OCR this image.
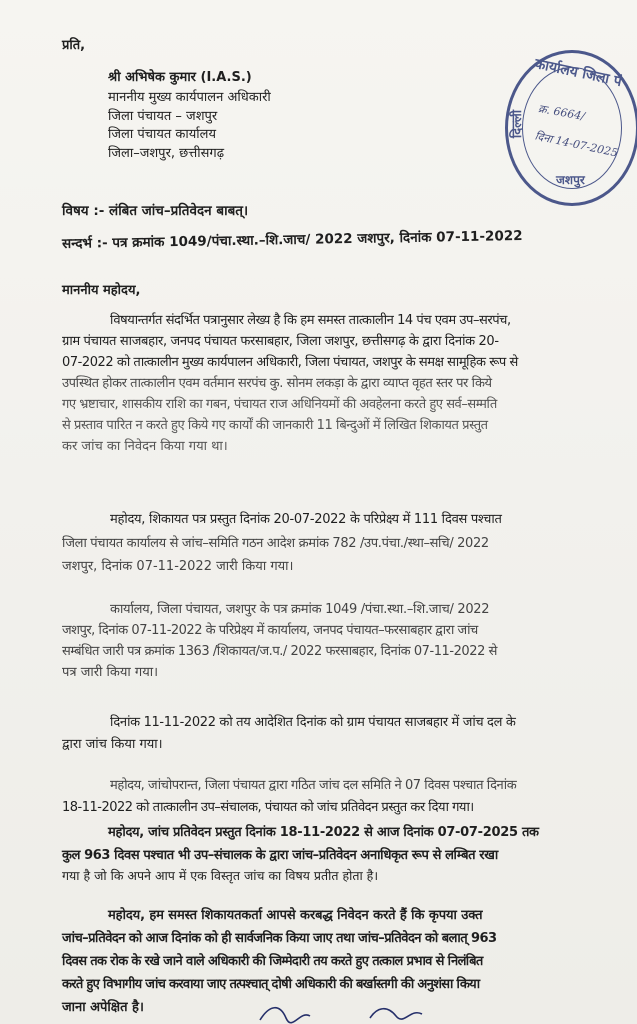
प्रति,
श्री अभिषेक कुमार (I.A.S.)
माननीय मुख्य कार्यपालन अधिकारी
जिला पंचायत – जशपुर
जिला पंचायत कार्यालय
जिला–जशपुर, छत्तीसगढ़
कार्यालय जिला पं
जशपुर
दिल्ली क्र. 6664/
दिना 14-07-2025
विषय :- लंबित जांच–प्रतिवेदन बाबत्।
सन्दर्भ :- पत्र क्रमांक 1049/पंचा.स्था.–शि.जाच/ 2022 जशपुर, दिनांक 07-11-2022
माननीय महोदय,
विषयान्तर्गत संदर्भित पत्रानुसार लेख्य है कि हम समस्त तात्कालीन 14 पंच एवम उप–सरपंच,
ग्राम पंचायत साजबहार, जनपद पंचायत फरसाबहार, जिला जशपुर, छत्तीसगढ़ के द्वारा दिनांक 20-
07-2022 को तात्कालीन मुख्य कार्यपालन अधिकारी, जिला पंचायत, जशपुर के समक्ष सामूहिक रूप से
उपस्थित होकर तात्कालीन एवम वर्तमान सरपंच कु. सोनम लकड़ा के द्वारा व्याप्त वृहत स्तर पर किये
गए भ्रष्टाचार, शासकीय राशि का गबन, पंचायत राज अधिनियमों की अवहेलना करते हुए सर्व–सम्मति
से प्रस्ताव पारित न करते हुए किये गए कार्यों की जानकारी 11 बिन्दुओं में लिखित शिकायत प्रस्तुत
कर जांच का निवेदन किया गया था।
महोदय, शिकायत पत्र प्रस्तुत दिनांक 20-07-2022 के परिप्रेक्ष्य में 111 दिवस पश्चात
जिला पंचायत कार्यालय से जांच–समिति गठन आदेश क्रमांक 782 /उप.पंचा./स्था–सचि/ 2022
जशपुर, दिनांक 07-11-2022 जारी किया गया।
कार्यालय, जिला पंचायत, जशपुर के पत्र क्रमांक 1049 /पंचा.स्था.–शि.जाच/ 2022
जशपुर, दिनांक 07-11-2022 के परिप्रेक्ष्य में कार्यालय, जनपद पंचायत–फरसाबहार द्वारा जांच
सम्बंधित जारी पत्र क्रमांक 1363 /शिकायत/ज.प./ 2022 फरसाबहार, दिनांक 07-11-2022 से
पत्र जारी किया गया।
दिनांक 11-11-2022 को तय आदेशित दिनांक को ग्राम पंचायत साजबहार में जांच दल के
द्वारा जांच किया गया।
महोदय, जांचोपरान्त, जिला पंचायत द्वारा गठित जांच दल समिति ने 07 दिवस पश्चात दिनांक
18-11-2022 को तात्कालीन उप–संचालक, पंचायत को जांच प्रतिवेदन प्रस्तुत कर दिया गया।
महोदय, जांच प्रतिवेदन प्रस्तुत दिनांक 18-11-2022 से आज दिनांक 07-07-2025 तक
कुल 963 दिवस पश्चात भी उप–संचालक के द्वारा जांच–प्रतिवेदन अनाधिकृत रूप से लम्बित रखा
गया है जो कि अपने आप में एक विस्तृत जांच का विषय प्रतीत होता है।
महोदय, हम समस्त शिकायतकर्ता आपसे करबद्ध निवेदन करते हैं कि कृपया उक्त
जांच–प्रतिवेदन को आज दिनांक को ही सार्वजनिक किया जाए तथा जांच–प्रतिवेदन को बलात् 963
दिवस तक रोक के रखे जाने वाले अधिकारी की जिम्मेदारी तय करते हुए तत्काल प्रभाव से निलंबित
करते हुए विभागीय जांच करवाया जाए तत्पश्चात् दोषी अधिकारी की बर्खास्तगी की अनुशंसा किया
जाना अपेक्षित है।
